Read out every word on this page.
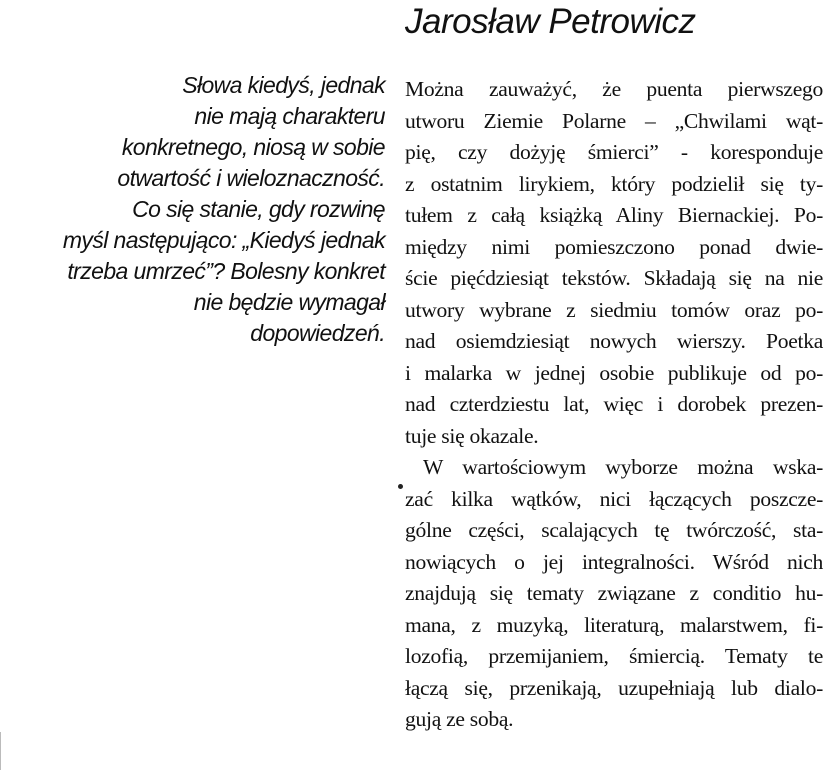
Jarosław Petrowicz
Słowa kiedyś, jednak
nie mają charakteru
konkretnego, niosą w sobie
otwartość i wieloznaczność.
Co się stanie, gdy rozwinę
myśl następująco: „Kiedyś jednak
trzeba umrzeć”? Bolesny konkret
nie będzie wymagał
dopowiedzeń.
Można zauważyć, że puenta pierwszego
utworu Ziemie Polarne – „Chwilami wąt-
pię, czy dożyję śmierci” - koresponduje
z ostatnim lirykiem, który podzielił się ty-
tułem z całą książką Aliny Biernackiej. Po-
między nimi pomieszczono ponad dwie-
ście pięćdziesiąt tekstów. Składają się na nie
utwory wybrane z siedmiu tomów oraz po-
nad osiemdziesiąt nowych wierszy. Poetka
i malarka w jednej osobie publikuje od po-
nad czterdziestu lat, więc i dorobek prezen-
tuje się okazale.
W wartościowym wyborze można wska-
zać kilka wątków, nici łączących poszcze-
gólne części, scalających tę twórczość, sta-
nowiących o jej integralności. Wśród nich
znajdują się tematy związane z conditio hu-
mana, z muzyką, literaturą, malarstwem, fi-
lozofią, przemijaniem, śmiercią. Tematy te
łączą się, przenikają, uzupełniają lub dialo-
gują ze sobą.
